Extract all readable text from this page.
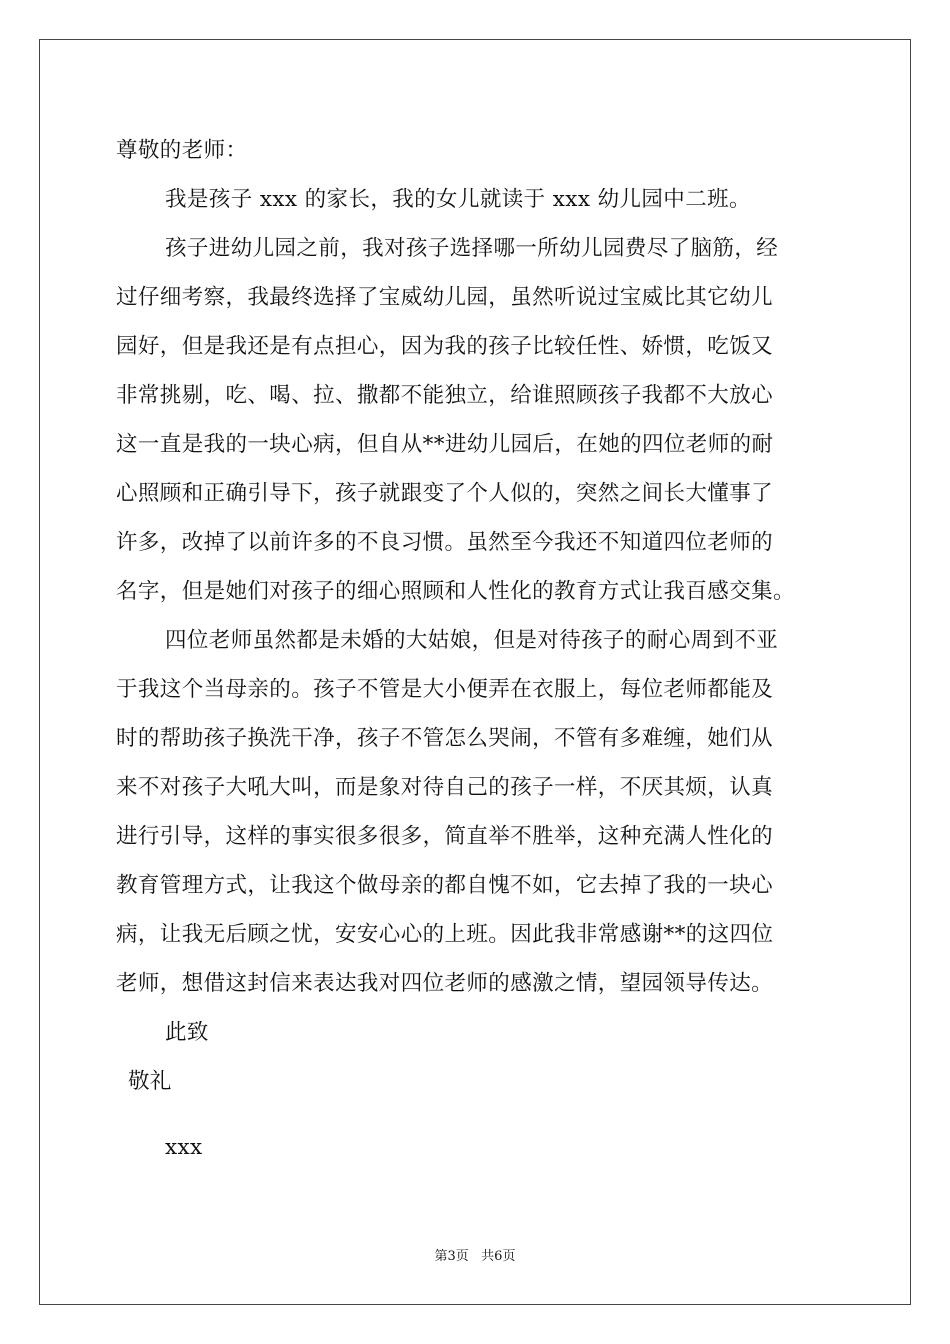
尊敬的老师：
我是孩子 xxx 的家长，我的女儿就读于 xxx 幼儿园中二班。
孩子进幼儿园之前，我对孩子选择哪一所幼儿园费尽了脑筋，经
过仔细考察，我最终选择了宝威幼儿园，虽然听说过宝威比其它幼儿
园好，但是我还是有点担心，因为我的孩子比较任性、娇惯，吃饭又
非常挑剔，吃、喝、拉、撒都不能独立，给谁照顾孩子我都不大放心
这一直是我的一块心病，但自从**进幼儿园后，在她的四位老师的耐
心照顾和正确引导下，孩子就跟变了个人似的，突然之间长大懂事了
许多，改掉了以前许多的不良习惯。虽然至今我还不知道四位老师的
名字，但是她们对孩子的细心照顾和人性化的教育方式让我百感交集。
四位老师虽然都是未婚的大姑娘，但是对待孩子的耐心周到不亚
于我这个当母亲的。孩子不管是大小便弄在衣服上，每位老师都能及
时的帮助孩子换洗干净，孩子不管怎么哭闹，不管有多难缠，她们从
来不对孩子大吼大叫，而是象对待自己的孩子一样，不厌其烦，认真
进行引导，这样的事实很多很多，简直举不胜举，这种充满人性化的
教育管理方式，让我这个做母亲的都自愧不如，它去掉了我的一块心
病，让我无后顾之忧，安安心心的上班。因此我非常感谢**的这四位
老师，想借这封信来表达我对四位老师的感激之情，望园领导传达。
此致
敬礼
xxx
第3页   共6页
